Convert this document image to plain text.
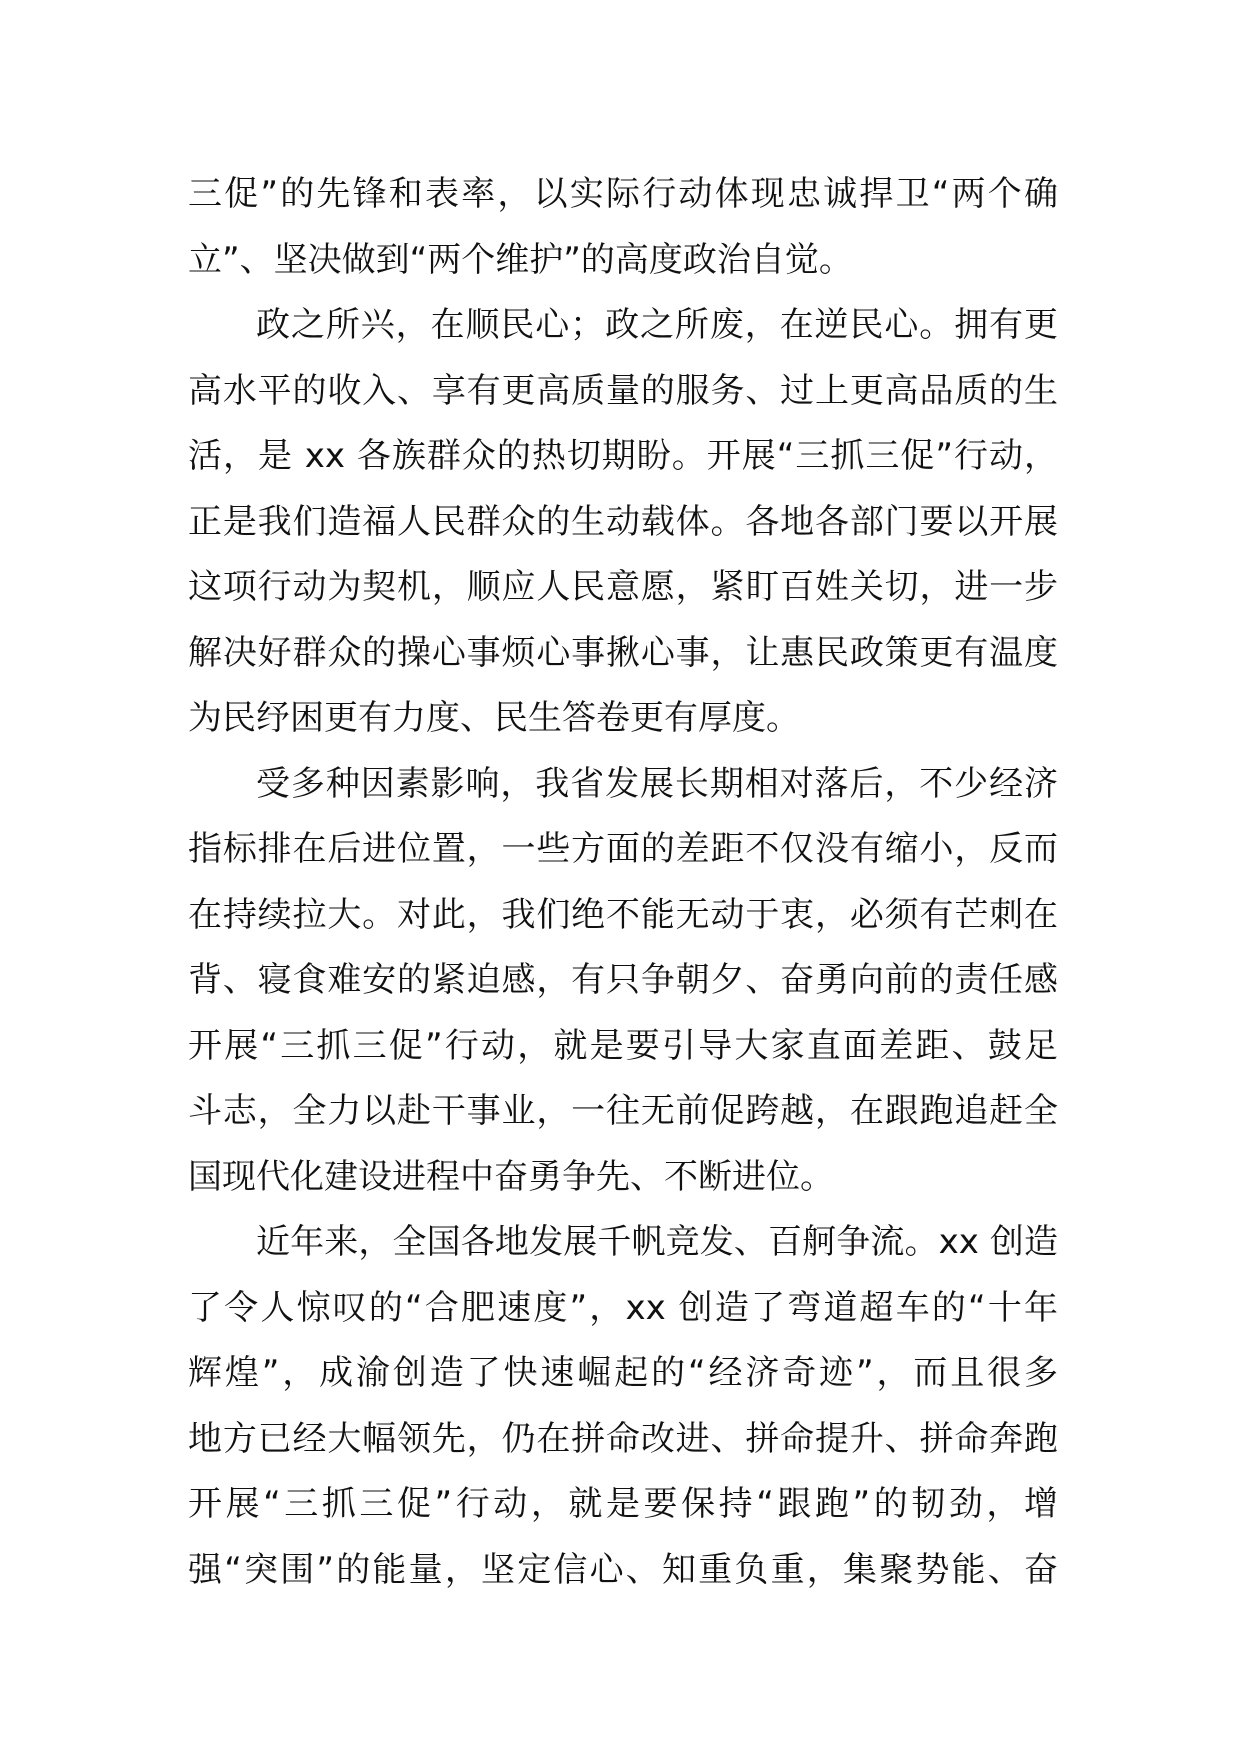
三促”的先锋和表率，以实际行动体现忠诚捍卫“两个确
立”、坚决做到“两个维护”的高度政治自觉。
政之所兴，在顺民心；政之所废，在逆民心。拥有更
高水平的收入、享有更高质量的服务、过上更高品质的生
活，是 xx 各族群众的热切期盼。开展“三抓三促”行动，
正是我们造福人民群众的生动载体。各地各部门要以开展
这项行动为契机，顺应人民意愿，紧盯百姓关切，进一步
解决好群众的操心事烦心事揪心事，让惠民政策更有温度
为民纾困更有力度、民生答卷更有厚度。
受多种因素影响，我省发展长期相对落后，不少经济
指标排在后进位置，一些方面的差距不仅没有缩小，反而
在持续拉大。对此，我们绝不能无动于衷，必须有芒刺在
背、寝食难安的紧迫感，有只争朝夕、奋勇向前的责任感
开展“三抓三促”行动，就是要引导大家直面差距、鼓足
斗志，全力以赴干事业，一往无前促跨越，在跟跑追赶全
国现代化建设进程中奋勇争先、不断进位。
近年来，全国各地发展千帆竞发、百舸争流。xx 创造
了令人惊叹的“合肥速度”，xx 创造了弯道超车的“十年
辉煌”，成渝创造了快速崛起的“经济奇迹”，而且很多
地方已经大幅领先，仍在拼命改进、拼命提升、拼命奔跑
开展“三抓三促”行动，就是要保持“跟跑”的韧劲，增
强“突围”的能量，坚定信心、知重负重，集聚势能、奋
